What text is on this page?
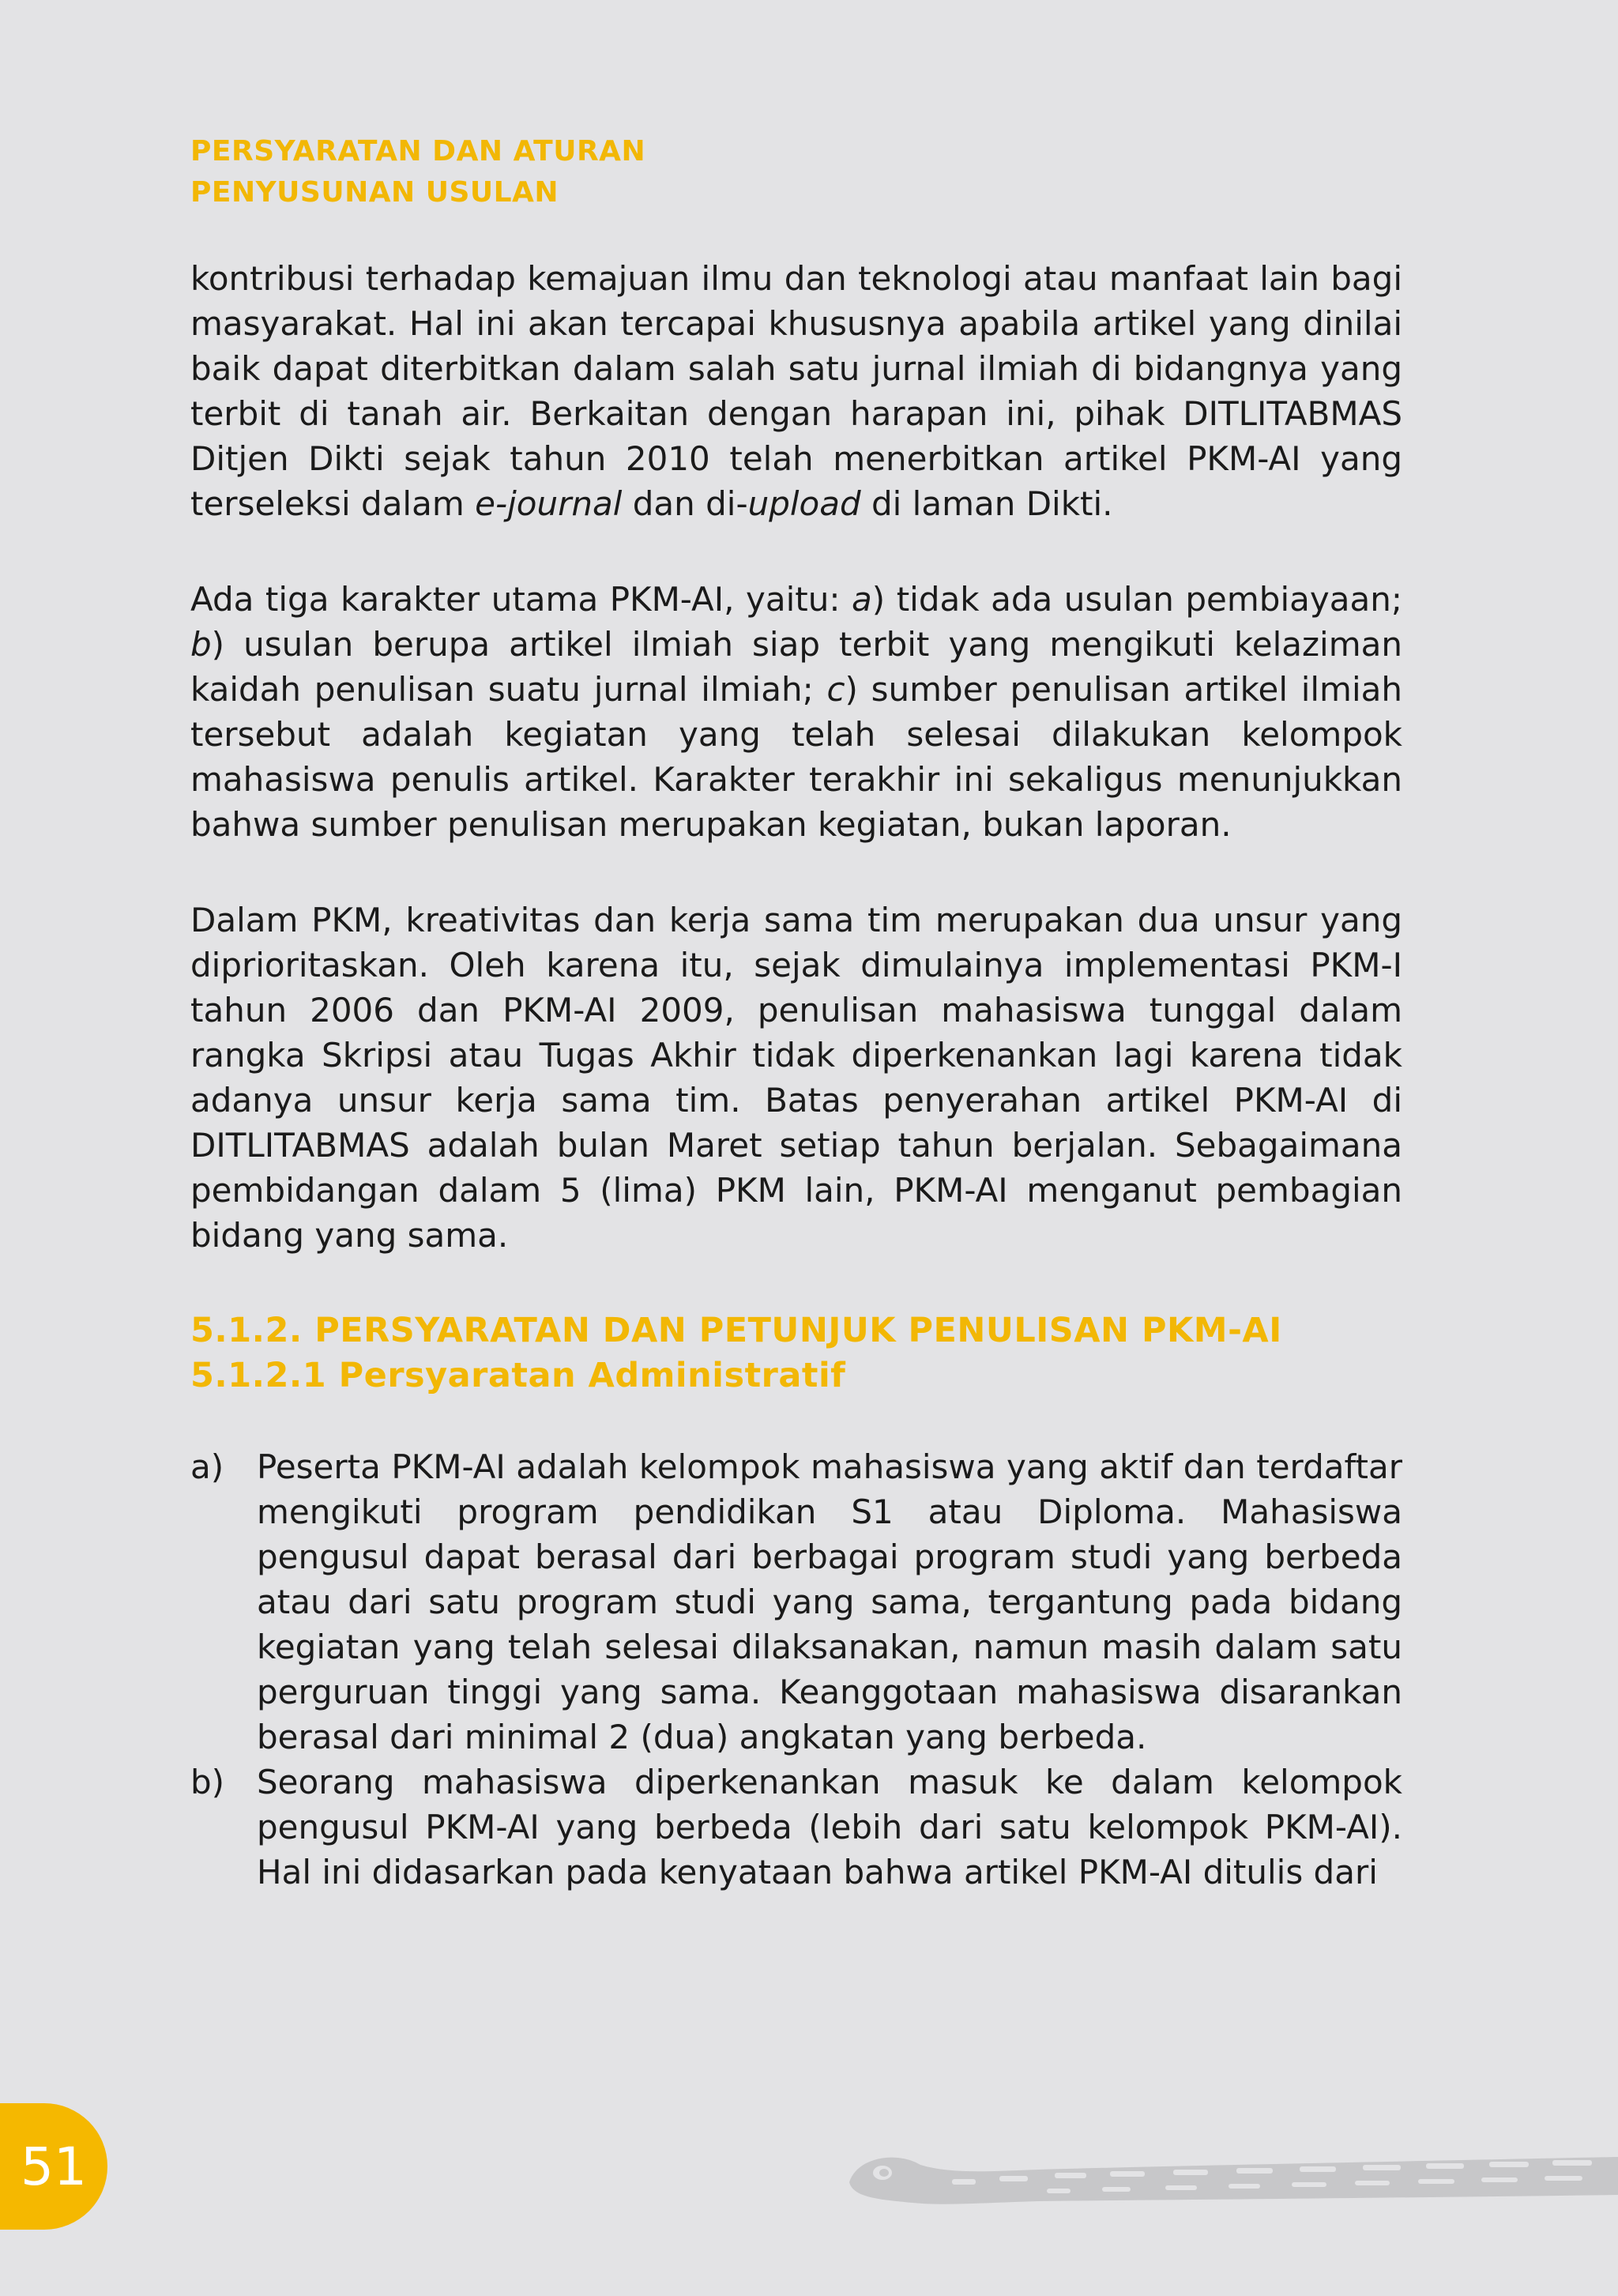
PERSYARATAN DAN ATURAN
PENYUSUNAN USULAN

kontribusi terhadap kemajuan ilmu dan teknologi atau manfaat lain bagi masyarakat. Hal ini akan tercapai khususnya apabila artikel yang dinilai baik dapat diterbitkan dalam salah satu jurnal ilmiah di bidangnya yang terbit di tanah air. Berkaitan dengan harapan ini, pihak DITLITABMAS Ditjen Dikti sejak tahun 2010 telah menerbitkan artikel PKM-AI yang terseleksi dalam e-journal dan di-upload di laman Dikti.

Ada tiga karakter utama PKM-AI, yaitu: a) tidak ada usulan pembiayaan; b) usulan berupa artikel ilmiah siap terbit yang mengikuti kelaziman kaidah penulisan suatu jurnal ilmiah; c) sumber penulisan artikel ilmiah tersebut adalah kegiatan yang telah selesai dilakukan kelompok mahasiswa penulis artikel. Karakter terakhir ini sekaligus menunjukkan bahwa sumber penulisan merupakan kegiatan, bukan laporan.

Dalam PKM, kreativitas dan kerja sama tim merupakan dua unsur yang diprioritaskan. Oleh karena itu, sejak dimulainya implementasi PKM-I tahun 2006 dan PKM-AI 2009, penulisan mahasiswa tunggal dalam rangka Skripsi atau Tugas Akhir tidak diperkenankan lagi karena tidak adanya unsur kerja sama tim. Batas penyerahan artikel PKM-AI di DITLITABMAS adalah bulan Maret setiap tahun berjalan. Sebagaimana pembidangan dalam 5 (lima) PKM lain, PKM-AI menganut pembagian bidang yang sama.

5.1.2. PERSYARATAN DAN PETUNJUK PENULISAN PKM-AI
5.1.2.1 Persyaratan Administratif
a) Peserta PKM-AI adalah kelompok mahasiswa yang aktif dan terdaftar mengikuti program pendidikan S1 atau Diploma. Mahasiswa pengusul dapat berasal dari berbagai program studi yang berbeda atau dari satu program studi yang sama, tergantung pada bidang kegiatan yang telah selesai dilaksanakan, namun masih dalam satu perguruan tinggi yang sama. Keanggotaan mahasiswa disarankan berasal dari minimal 2 (dua) angkatan yang berbeda.
b) Seorang mahasiswa diperkenankan masuk ke dalam kelompok pengusul PKM-AI yang berbeda (lebih dari satu kelompok PKM-AI). Hal ini didasarkan pada kenyataan bahwa artikel PKM-AI ditulis dari
51
